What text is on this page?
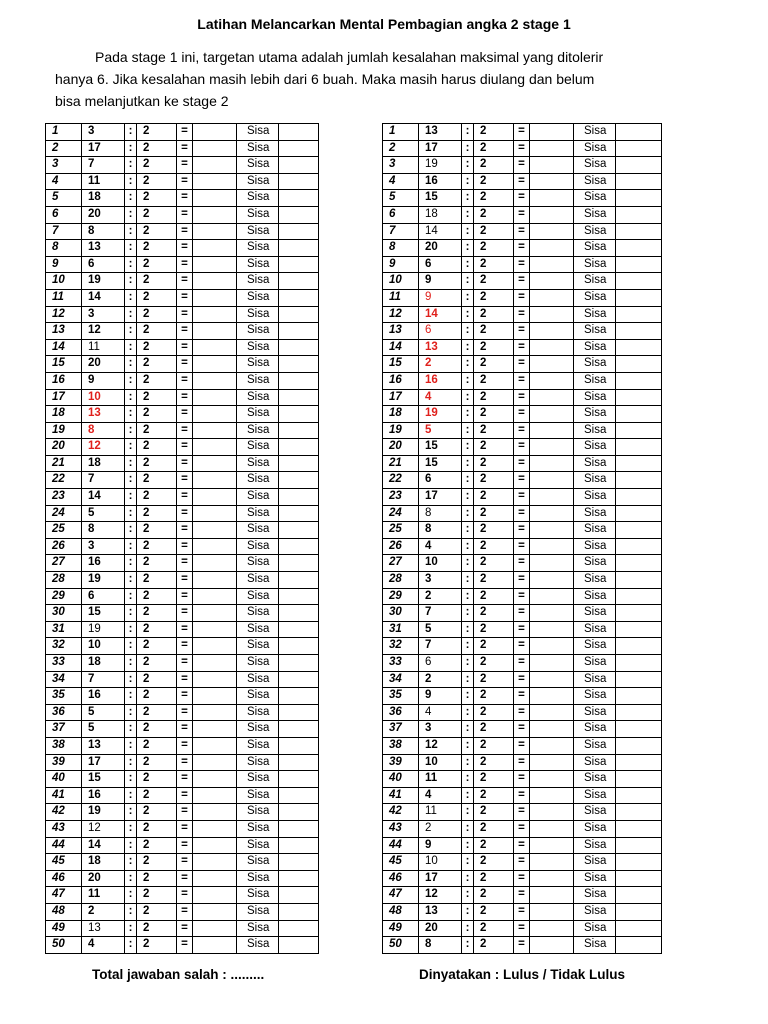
Latihan Melancarkan Mental Pembagian angka 2 stage 1
Pada stage 1 ini, targetan utama adalah jumlah kesalahan maksimal yang ditolerir
hanya 6. Jika kesalahan masih lebih dari 6 buah. Maka masih harus diulang dan belum
bisa melanjutkan ke stage 2
1	3	:	2	=		Sisa	
2	17	:	2	=		Sisa	
3	7	:	2	=		Sisa	
4	11	:	2	=		Sisa	
5	18	:	2	=		Sisa	
6	20	:	2	=		Sisa	
7	8	:	2	=		Sisa	
8	13	:	2	=		Sisa	
9	6	:	2	=		Sisa	
10	19	:	2	=		Sisa	
11	14	:	2	=		Sisa	
12	3	:	2	=		Sisa	
13	12	:	2	=		Sisa	
14	11	:	2	=		Sisa	
15	20	:	2	=		Sisa	
16	9	:	2	=		Sisa	
17	10	:	2	=		Sisa	
18	13	:	2	=		Sisa	
19	8	:	2	=		Sisa	
20	12	:	2	=		Sisa	
21	18	:	2	=		Sisa	
22	7	:	2	=		Sisa	
23	14	:	2	=		Sisa	
24	5	:	2	=		Sisa	
25	8	:	2	=		Sisa	
26	3	:	2	=		Sisa	
27	16	:	2	=		Sisa	
28	19	:	2	=		Sisa	
29	6	:	2	=		Sisa	
30	15	:	2	=		Sisa	
31	19	:	2	=		Sisa	
32	10	:	2	=		Sisa	
33	18	:	2	=		Sisa	
34	7	:	2	=		Sisa	
35	16	:	2	=		Sisa	
36	5	:	2	=		Sisa	
37	5	:	2	=		Sisa	
38	13	:	2	=		Sisa	
39	17	:	2	=		Sisa	
40	15	:	2	=		Sisa	
41	16	:	2	=		Sisa	
42	19	:	2	=		Sisa	
43	12	:	2	=		Sisa	
44	14	:	2	=		Sisa	
45	18	:	2	=		Sisa	
46	20	:	2	=		Sisa	
47	11	:	2	=		Sisa	
48	2	:	2	=		Sisa	
49	13	:	2	=		Sisa	
50	4	:	2	=		Sisa	
1	13	:	2	=		Sisa	
2	17	:	2	=		Sisa	
3	19	:	2	=		Sisa	
4	16	:	2	=		Sisa	
5	15	:	2	=		Sisa	
6	18	:	2	=		Sisa	
7	14	:	2	=		Sisa	
8	20	:	2	=		Sisa	
9	6	:	2	=		Sisa	
10	9	:	2	=		Sisa	
11	9	:	2	=		Sisa	
12	14	:	2	=		Sisa	
13	6	:	2	=		Sisa	
14	13	:	2	=		Sisa	
15	2	:	2	=		Sisa	
16	16	:	2	=		Sisa	
17	4	:	2	=		Sisa	
18	19	:	2	=		Sisa	
19	5	:	2	=		Sisa	
20	15	:	2	=		Sisa	
21	15	:	2	=		Sisa	
22	6	:	2	=		Sisa	
23	17	:	2	=		Sisa	
24	8	:	2	=		Sisa	
25	8	:	2	=		Sisa	
26	4	:	2	=		Sisa	
27	10	:	2	=		Sisa	
28	3	:	2	=		Sisa	
29	2	:	2	=		Sisa	
30	7	:	2	=		Sisa	
31	5	:	2	=		Sisa	
32	7	:	2	=		Sisa	
33	6	:	2	=		Sisa	
34	2	:	2	=		Sisa	
35	9	:	2	=		Sisa	
36	4	:	2	=		Sisa	
37	3	:	2	=		Sisa	
38	12	:	2	=		Sisa	
39	10	:	2	=		Sisa	
40	11	:	2	=		Sisa	
41	4	:	2	=		Sisa	
42	11	:	2	=		Sisa	
43	2	:	2	=		Sisa	
44	9	:	2	=		Sisa	
45	10	:	2	=		Sisa	
46	17	:	2	=		Sisa	
47	12	:	2	=		Sisa	
48	13	:	2	=		Sisa	
49	20	:	2	=		Sisa	
50	8	:	2	=		Sisa	
Total jawaban salah : .........	Dinyatakan : Lulus / Tidak Lulus
